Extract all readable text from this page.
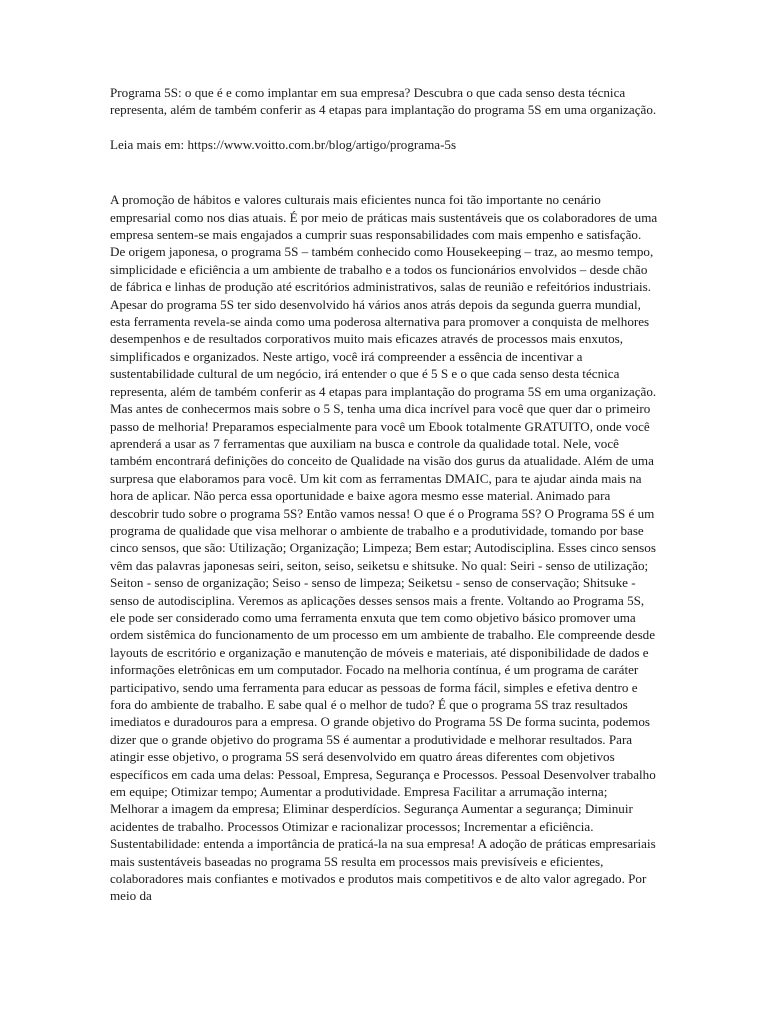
Programa 5S: o que é e como implantar em sua empresa? Descubra o que cada senso desta técnica representa, além de também conferir as 4 etapas para implantação do programa 5S em uma organização.

Leia mais em: https://www.voitto.com.br/blog/artigo/programa-5s

A promoção de hábitos e valores culturais mais eficientes nunca foi tão importante no cenário empresarial como nos dias atuais. É por meio de práticas mais sustentáveis que os colaboradores de uma empresa sentem-se mais engajados a cumprir suas responsabilidades com mais empenho e satisfação. De origem japonesa, o programa 5S – também conhecido como Housekeeping – traz, ao mesmo tempo, simplicidade e eficiência a um ambiente de trabalho e a todos os funcionários envolvidos – desde chão de fábrica e linhas de produção até escritórios administrativos, salas de reunião e refeitórios industriais. Apesar do programa 5S ter sido desenvolvido há vários anos atrás depois da segunda guerra mundial, esta ferramenta revela-se ainda como uma poderosa alternativa para promover a conquista de melhores desempenhos e de resultados corporativos muito mais eficazes através de processos mais enxutos, simplificados e organizados. Neste artigo, você irá compreender a essência de incentivar a sustentabilidade cultural de um negócio, irá entender o que é 5 S e o que cada senso desta técnica representa, além de também conferir as 4 etapas para implantação do programa 5S em uma organização. Mas antes de conhecermos mais sobre o 5 S, tenha uma dica incrível para você que quer dar o primeiro passo de melhoria! Preparamos especialmente para você um Ebook totalmente GRATUITO, onde você aprenderá a usar as 7 ferramentas que auxiliam na busca e controle da qualidade total. Nele, você também encontrará definições do conceito de Qualidade na visão dos gurus da atualidade. Além de uma surpresa que elaboramos para você. Um kit com as ferramentas DMAIC, para te ajudar ainda mais na hora de aplicar. Não perca essa oportunidade e baixe agora mesmo esse material. Animado para descobrir tudo sobre o programa 5S? Então vamos nessa! O que é o Programa 5S? O Programa 5S é um programa de qualidade que visa melhorar o ambiente de trabalho e a produtividade, tomando por base cinco sensos, que são: Utilização; Organização; Limpeza; Bem estar; Autodisciplina. Esses cinco sensos vêm das palavras japonesas seiri, seiton, seiso, seiketsu e shitsuke. No qual: Seiri - senso de utilização; Seiton - senso de organização; Seiso - senso de limpeza; Seiketsu - senso de conservação; Shitsuke - senso de autodisciplina. Veremos as aplicações desses sensos mais a frente. Voltando ao Programa 5S, ele pode ser considerado como uma ferramenta enxuta que tem como objetivo básico promover uma ordem sistêmica do funcionamento de um processo em um ambiente de trabalho. Ele compreende desde layouts de escritório e organização e manutenção de móveis e materiais, até disponibilidade de dados e informações eletrônicas em um computador. Focado na melhoria contínua, é um programa de caráter participativo, sendo uma ferramenta para educar as pessoas de forma fácil, simples e efetiva dentro e fora do ambiente de trabalho. E sabe qual é o melhor de tudo? É que o programa 5S traz resultados imediatos e duradouros para a empresa. O grande objetivo do Programa 5S De forma sucinta, podemos dizer que o grande objetivo do programa 5S é aumentar a produtividade e melhorar resultados. Para atingir esse objetivo, o programa 5S será desenvolvido em quatro áreas diferentes com objetivos específicos em cada uma delas: Pessoal, Empresa, Segurança e Processos. Pessoal Desenvolver trabalho em equipe; Otimizar tempo; Aumentar a produtividade. Empresa Facilitar a arrumação interna; Melhorar a imagem da empresa; Eliminar desperdícios. Segurança Aumentar a segurança; Diminuir acidentes de trabalho. Processos Otimizar e racionalizar processos; Incrementar a eficiência. Sustentabilidade: entenda a importância de praticá-la na sua empresa! A adoção de práticas empresariais mais sustentáveis baseadas no programa 5S resulta em processos mais previsíveis e eficientes, colaboradores mais confiantes e motivados e produtos mais competitivos e de alto valor agregado. Por meio da
